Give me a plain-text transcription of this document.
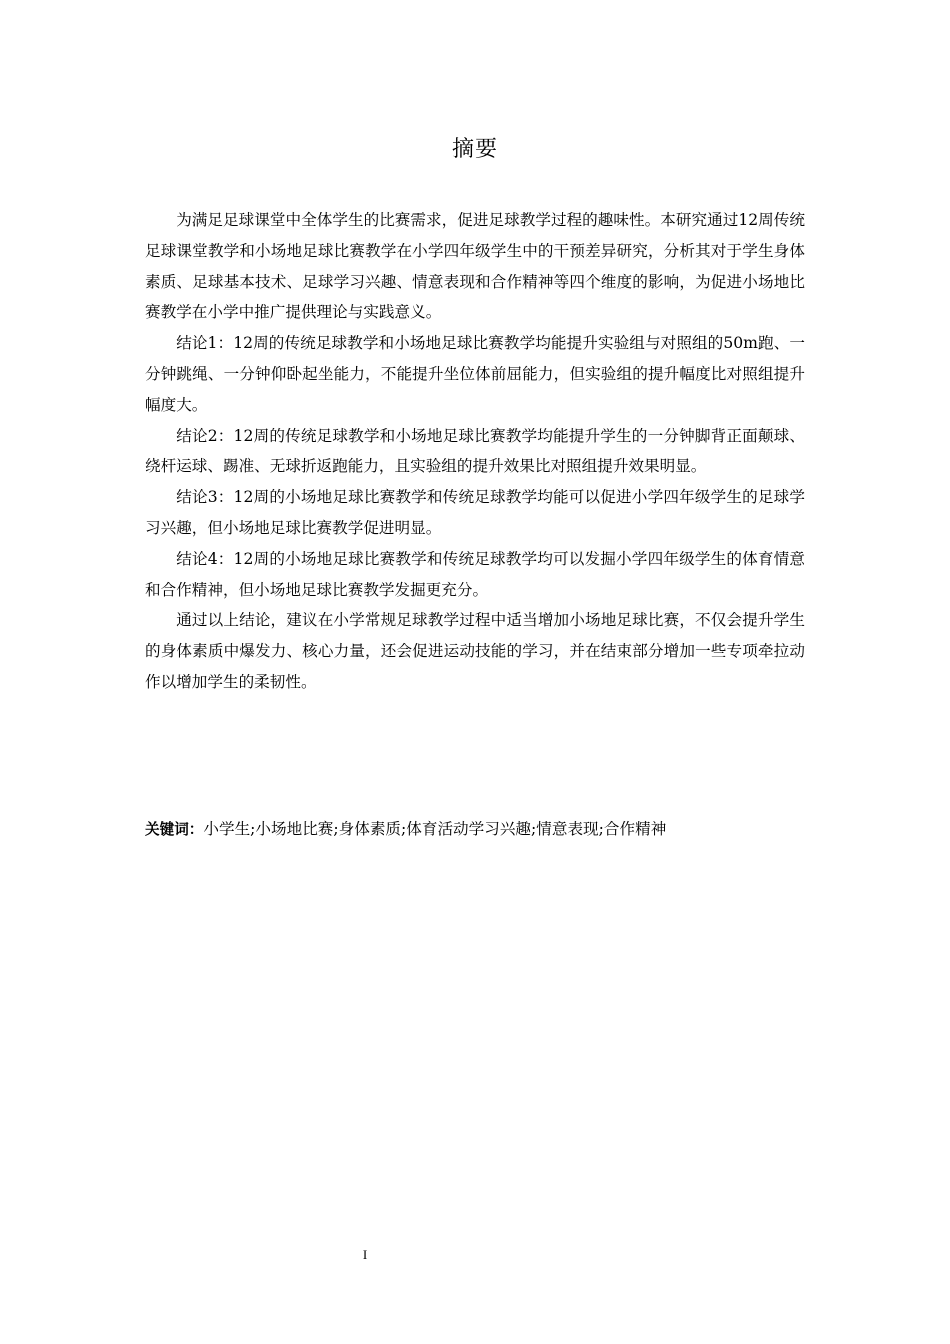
摘要

为满足足球课堂中全体学生的比赛需求，促进足球教学过程的趣味性。本研究通过12周传统足球课堂教学和小场地足球比赛教学在小学四年级学生中的干预差异研究，分析其对于学生身体素质、足球基本技术、足球学习兴趣、情意表现和合作精神等四个维度的影响，为促进小场地比赛教学在小学中推广提供理论与实践意义。

结论1：12周的传统足球教学和小场地足球比赛教学均能提升实验组与对照组的50m跑、一分钟跳绳、一分钟仰卧起坐能力，不能提升坐位体前屈能力，但实验组的提升幅度比对照组提升幅度大。

结论2：12周的传统足球教学和小场地足球比赛教学均能提升学生的一分钟脚背正面颠球、绕杆运球、踢准、无球折返跑能力，且实验组的提升效果比对照组提升效果明显。

结论3：12周的小场地足球比赛教学和传统足球教学均能可以促进小学四年级学生的足球学习兴趣，但小场地足球比赛教学促进明显。

结论4：12周的小场地足球比赛教学和传统足球教学均可以发掘小学四年级学生的体育情意和合作精神，但小场地足球比赛教学发掘更充分。

通过以上结论，建议在小学常规足球教学过程中适当增加小场地足球比赛，不仅会提升学生的身体素质中爆发力、核心力量，还会促进运动技能的学习，并在结束部分增加一些专项牵拉动作以增加学生的柔韧性。

关键词：小学生;小场地比赛;身体素质;体育活动学习兴趣;情意表现;合作精神
I
